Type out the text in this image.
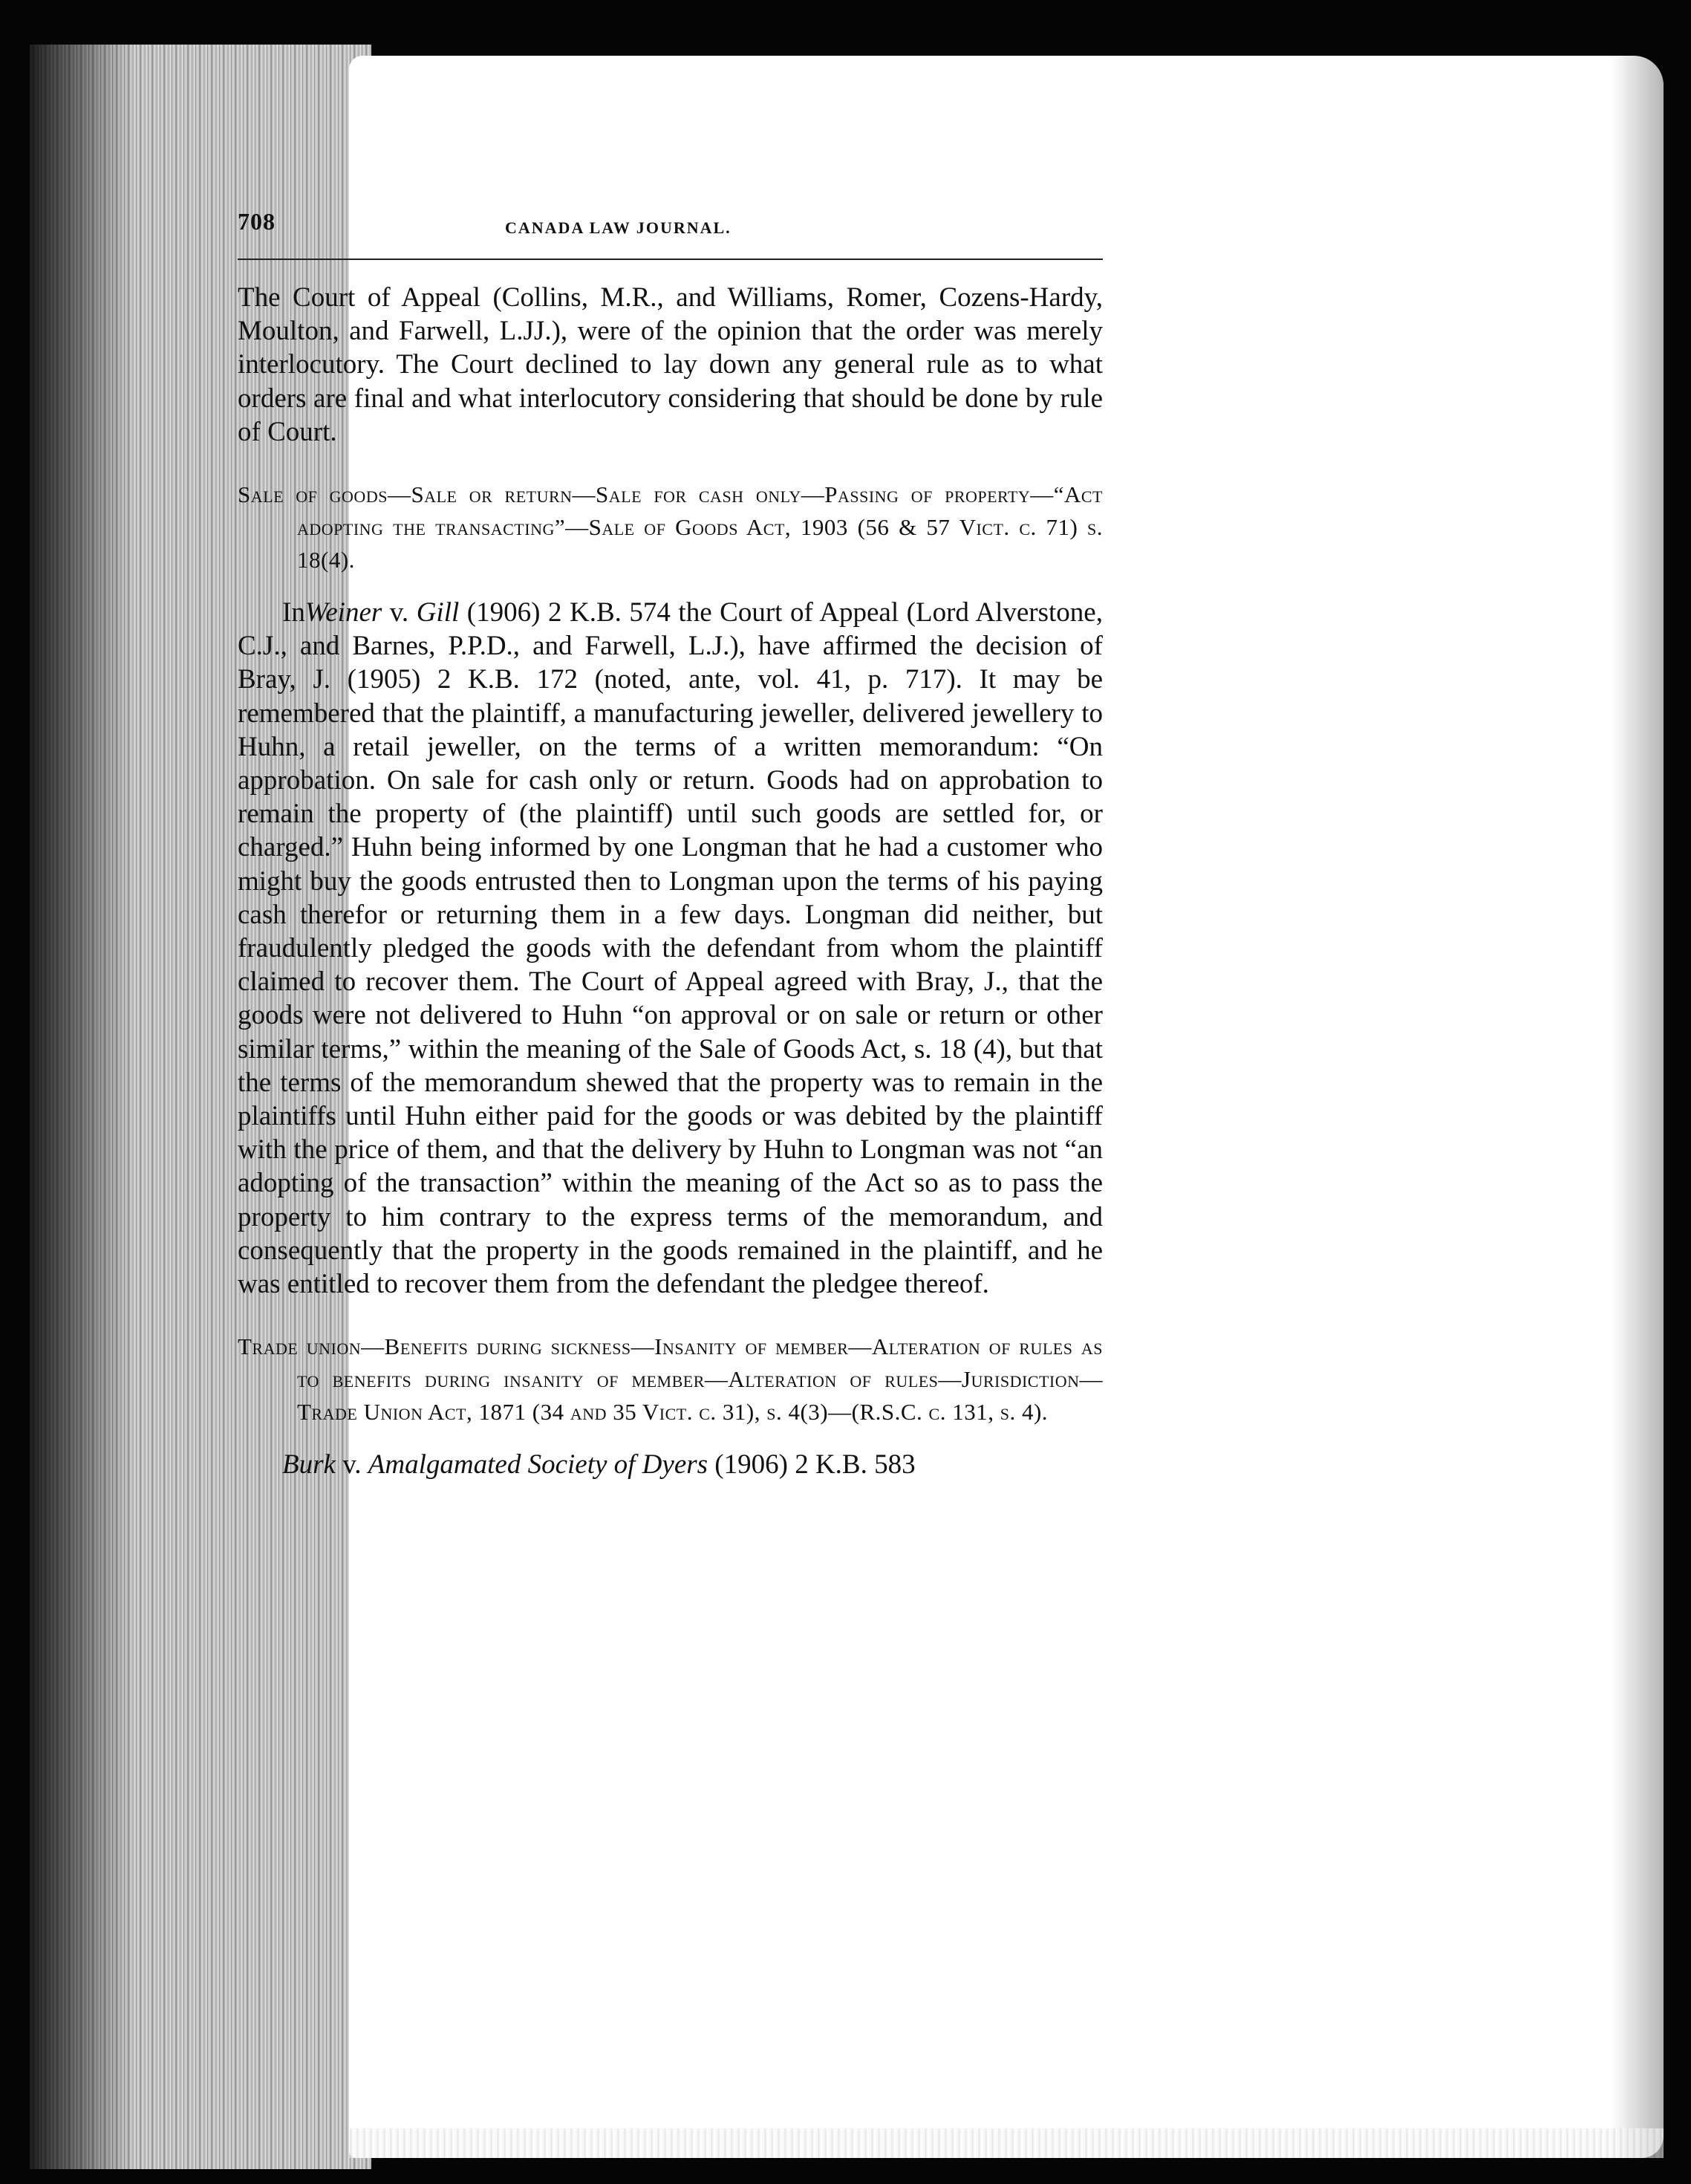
708	CANADA LAW JOURNAL.

The Court of Appeal (Collins, M.R., and Williams, Romer, Cozens-Hardy, Moulton, and Farwell, L.JJ.), were of the opinion that the order was merely interlocutory. The Court declined to lay down any general rule as to what orders are final and what interlocutory considering that should be done by rule of Court.

Sale of goods—Sale or return—Sale for cash only—Passing of property—“Act adopting the transacting”—Sale of Goods Act, 1903 (56 & 57 Vict. c. 71) s. 18(4).

InWeiner v. Gill (1906) 2 K.B. 574 the Court of Appeal (Lord Alverstone, C.J., and Barnes, P.P.D., and Farwell, L.J.), have affirmed the decision of Bray, J. (1905) 2 K.B. 172 (noted, ante, vol. 41, p. 717). It may be remembered that the plaintiff, a manufacturing jeweller, delivered jewellery to Huhn, a retail jeweller, on the terms of a written memorandum: “On approbation. On sale for cash only or return. Goods had on approbation to remain the property of (the plaintiff) until such goods are settled for, or charged.” Huhn being informed by one Longman that he had a customer who might buy the goods entrusted then to Longman upon the terms of his paying cash therefor or returning them in a few days. Longman did neither, but fraudulently pledged the goods with the defendant from whom the plaintiff claimed to recover them. The Court of Appeal agreed with Bray, J., that the goods were not delivered to Huhn “on approval or on sale or return or other similar terms,” within the meaning of the Sale of Goods Act, s. 18 (4), but that the terms of the memorandum shewed that the property was to remain in the plaintiffs until Huhn either paid for the goods or was debited by the plaintiff with the price of them, and that the delivery by Huhn to Longman was not “an adopting of the transaction” within the meaning of the Act so as to pass the property to him contrary to the express terms of the memorandum, and consequently that the property in the goods remained in the plaintiff, and he was entitled to recover them from the defendant the pledgee thereof.

Trade union—Benefits during sickness—Insanity of member—Alteration of rules as to benefits during insanity of member—Alteration of rules—Jurisdiction—Trade Union Act, 1871 (34 and 35 Vict. c. 31), s. 4(3)—(R.S.C. c. 131, s. 4).

Burk v. Amalgamated Society of Dyers (1906) 2 K.B. 583
